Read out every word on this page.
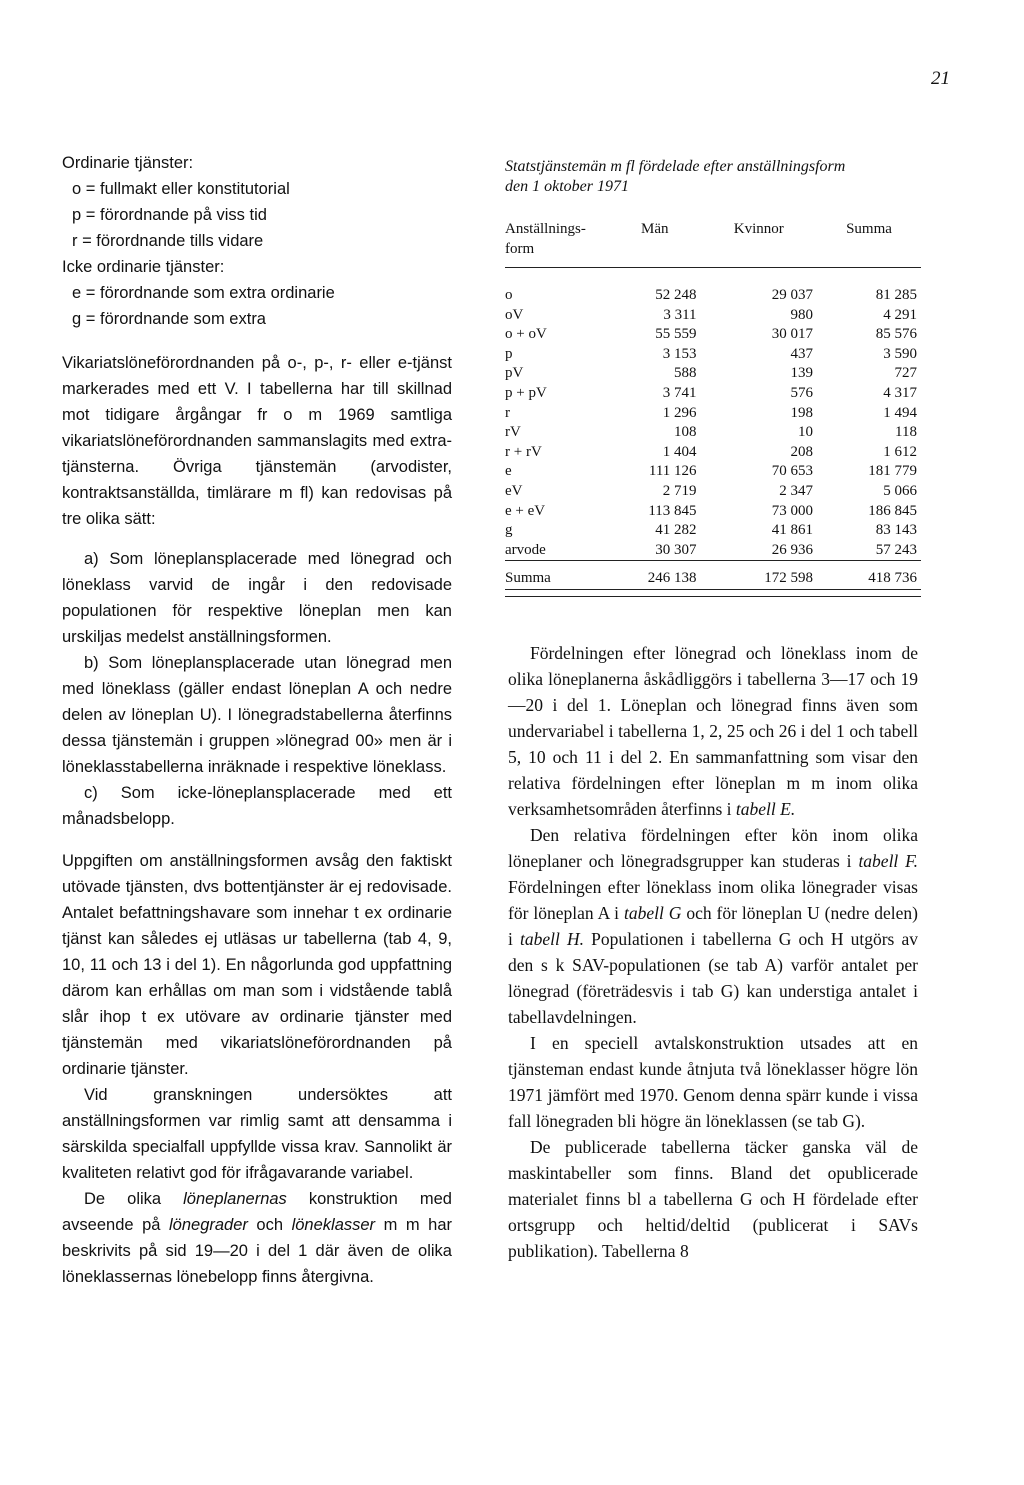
21

Ordinarie tjänster:

o = fullmakt eller konstitutorial

p = förordnande på viss tid

r = förordnande tills vidare

Icke ordinarie tjänster:

e = förordnande som extra ordinarie

g = förordnande som extra

Vikariatslöneförordnanden på o-, p-, r- eller e-tjänst markerades med ett V. I tabellerna har till skillnad mot tidigare årgångar fr o m 1969 samtliga vikariatslöneförordnanden sammanslagits med extra-tjänsterna. Övriga tjänstemän (arvodister, kontraktsanställda, timlärare m fl) kan redovisas på tre olika sätt:

a) Som löneplansplacerade med lönegrad och löneklass varvid de ingår i den redovisade populationen för respektive löneplan men kan urskiljas medelst anställningsformen.

b) Som löneplansplacerade utan lönegrad men med löneklass (gäller endast löneplan A och nedre delen av löneplan U). I lönegradstabellerna återfinns dessa tjänstemän i gruppen »lönegrad 00» men är i löneklasstabellerna inräknade i respektive löneklass.

c) Som icke-löneplansplacerade med ett månadsbelopp.

Uppgiften om anställningsformen avsåg den faktiskt utövade tjänsten, dvs bottentjänster är ej redovisade. Antalet befattningshavare som innehar t ex ordinarie tjänst kan således ej utläsas ur tabellerna (tab 4, 9, 10, 11 och 13 i del 1). En någorlunda god uppfattning därom kan erhållas om man som i vidstående tablå slår ihop t ex utövare av ordinarie tjänster med tjänstemän med vikariatslöneförordnanden på ordinarie tjänster.

Vid granskningen undersöktes att anställningsformen var rimlig samt att densamma i särskilda specialfall uppfyllde vissa krav. Sannolikt är kvaliteten relativt god för ifrågavarande variabel.

De olika löneplanernas konstruktion med avseende på lönegrader och löneklasser m m har beskrivits på sid 19—20 i del 1 där även de olika löneklassernas lönebelopp finns återgivna.

Statstjänstemän m fl fördelade efter anställningsform
den 1 oktober 1971
Anställnings-form	Män	Kvinnor	Summa
o	52 248	29 037	81 285
oV	3 311	980	4 291
o + oV	55 559	30 017	85 576
p	3 153	437	3 590
pV	588	139	727
p + pV	3 741	576	4 317
r	1 296	198	1 494
rV	108	10	118
r + rV	1 404	208	1 612
e	111 126	70 653	181 779
eV	2 719	2 347	5 066
e + eV	113 845	73 000	186 845
g	41 282	41 861	83 143
arvode	30 307	26 936	57 243
Summa	246 138	172 598	418 736

Fördelningen efter lönegrad och löneklass inom de olika löneplanerna åskådliggörs i tabellerna 3—17 och 19—20 i del 1. Löneplan och lönegrad finns även som undervariabel i tabellerna 1, 2, 25 och 26 i del 1 och tabell 5, 10 och 11 i del 2. En sammanfattning som visar den relativa fördelningen efter löneplan m m inom olika verksamhetsområden återfinns i tabell E.

Den relativa fördelningen efter kön inom olika löneplaner och lönegradsgrupper kan studeras i tabell F. Fördelningen efter löneklass inom olika lönegrader visas för löneplan A i tabell G och för löneplan U (nedre delen) i tabell H. Populationen i tabellerna G och H utgörs av den s k SAV-populationen (se tab A) varför antalet per lönegrad (företrädesvis i tab G) kan understiga antalet i tabellavdelningen.

I en speciell avtalskonstruktion utsades att en tjänsteman endast kunde åtnjuta två löneklasser högre lön 1971 jämfört med 1970. Genom denna spärr kunde i vissa fall lönegraden bli högre än löneklassen (se tab G).

De publicerade tabellerna täcker ganska väl de maskintabeller som finns. Bland det opublicerade materialet finns bl a tabellerna G och H fördelade efter ortsgrupp och heltid/deltid (publicerat i SAVs publikation). Tabellerna 8
